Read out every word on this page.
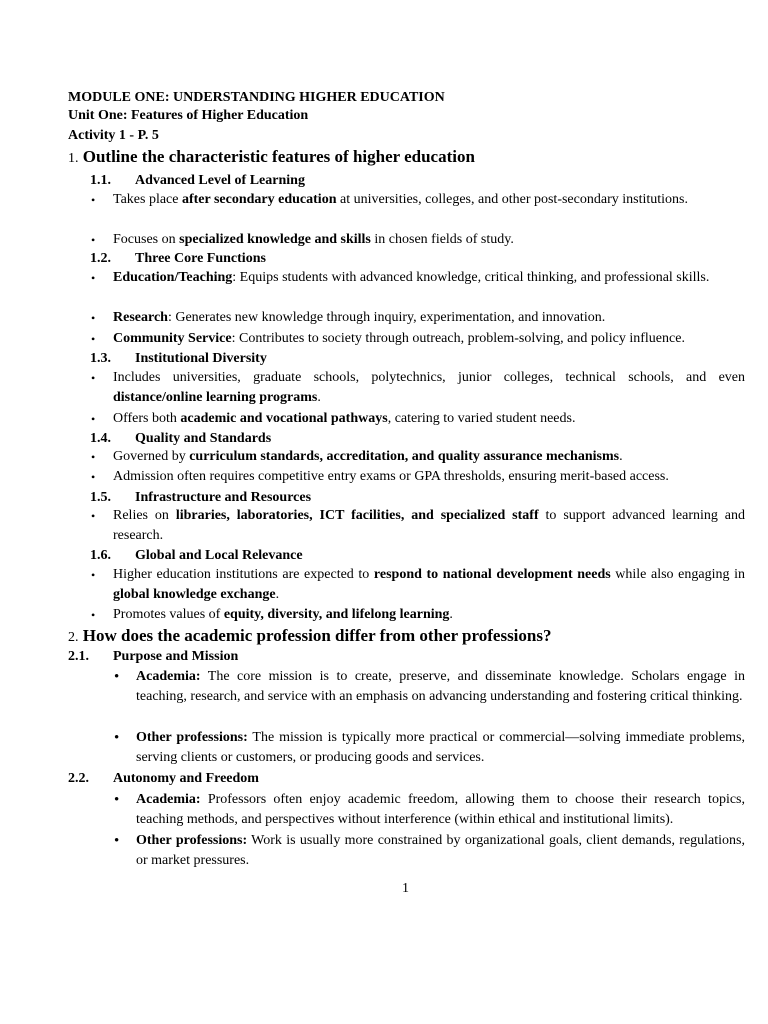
MODULE ONE: UNDERSTANDING HIGHER EDUCATION
Unit One: Features of Higher Education
Activity 1 - P. 5
1. Outline the characteristic features of higher education
1.1. Advanced Level of Learning
• Takes place after secondary education at universities, colleges, and other post-secondary institutions.
• Focuses on specialized knowledge and skills in chosen fields of study.
1.2. Three Core Functions
• Education/Teaching: Equips students with advanced knowledge, critical thinking, and professional skills.
• Research: Generates new knowledge through inquiry, experimentation, and innovation.
• Community Service: Contributes to society through outreach, problem-solving, and policy influence.
1.3. Institutional Diversity
• Includes universities, graduate schools, polytechnics, junior colleges, technical schools, and even distance/online learning programs.
• Offers both academic and vocational pathways, catering to varied student needs.
1.4. Quality and Standards
• Governed by curriculum standards, accreditation, and quality assurance mechanisms.
• Admission often requires competitive entry exams or GPA thresholds, ensuring merit-based access.
1.5. Infrastructure and Resources
• Relies on libraries, laboratories, ICT facilities, and specialized staff to support advanced learning and research.
1.6. Global and Local Relevance
• Higher education institutions are expected to respond to national development needs while also engaging in global knowledge exchange.
• Promotes values of equity, diversity, and lifelong learning.
2. How does the academic profession differ from other professions?
2.1. Purpose and Mission
• Academia: The core mission is to create, preserve, and disseminate knowledge. Scholars engage in teaching, research, and service with an emphasis on advancing understanding and fostering critical thinking.
• Other professions: The mission is typically more practical or commercial—solving immediate problems, serving clients or customers, or producing goods and services.
2.2. Autonomy and Freedom
• Academia: Professors often enjoy academic freedom, allowing them to choose their research topics, teaching methods, and perspectives without interference (within ethical and institutional limits).
• Other professions: Work is usually more constrained by organizational goals, client demands, regulations, or market pressures.
1
